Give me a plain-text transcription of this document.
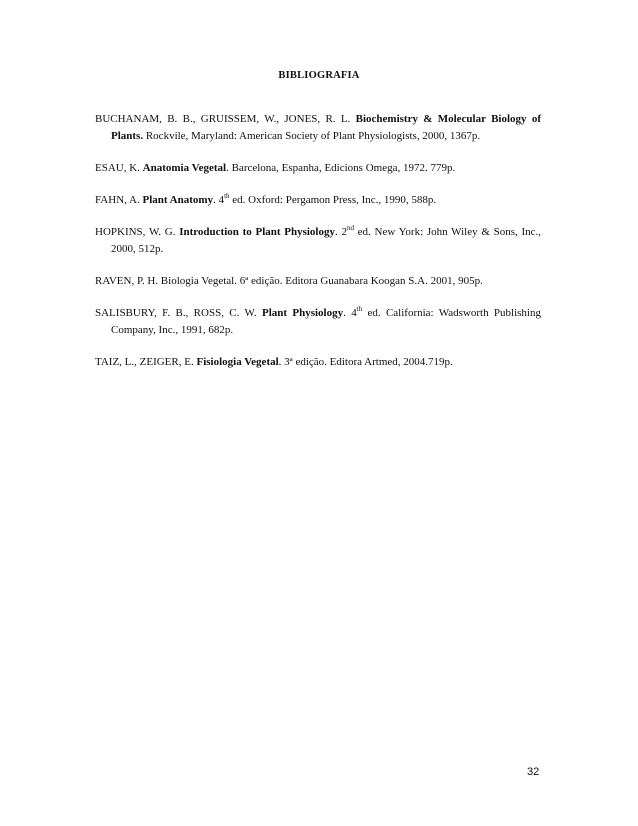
BIBLIOGRAFIA

BUCHANAM, B. B., GRUISSEM, W., JONES, R. L. Biochemistry & Molecular Biology of Plants. Rockvile, Maryland: American Society of Plant Physiologists, 2000, 1367p.

ESAU, K. Anatomia Vegetal. Barcelona, Espanha, Edicions Omega, 1972. 779p.

FAHN, A. Plant Anatomy. 4th ed. Oxford: Pergamon Press, Inc., 1990, 588p.

HOPKINS, W. G. Introduction to Plant Physiology. 2nd ed. New York: John Wiley & Sons, Inc., 2000, 512p.

RAVEN, P. H. Biologia Vegetal. 6ª edição. Editora Guanabara Koogan S.A. 2001, 905p.

SALISBURY, F. B., ROSS, C. W. Plant Physiology. 4th ed. California: Wadsworth Publishing Company, Inc., 1991, 682p.

TAIZ, L., ZEIGER, E. Fisiologia Vegetal. 3ª edição. Editora Artmed, 2004.719p.

32
